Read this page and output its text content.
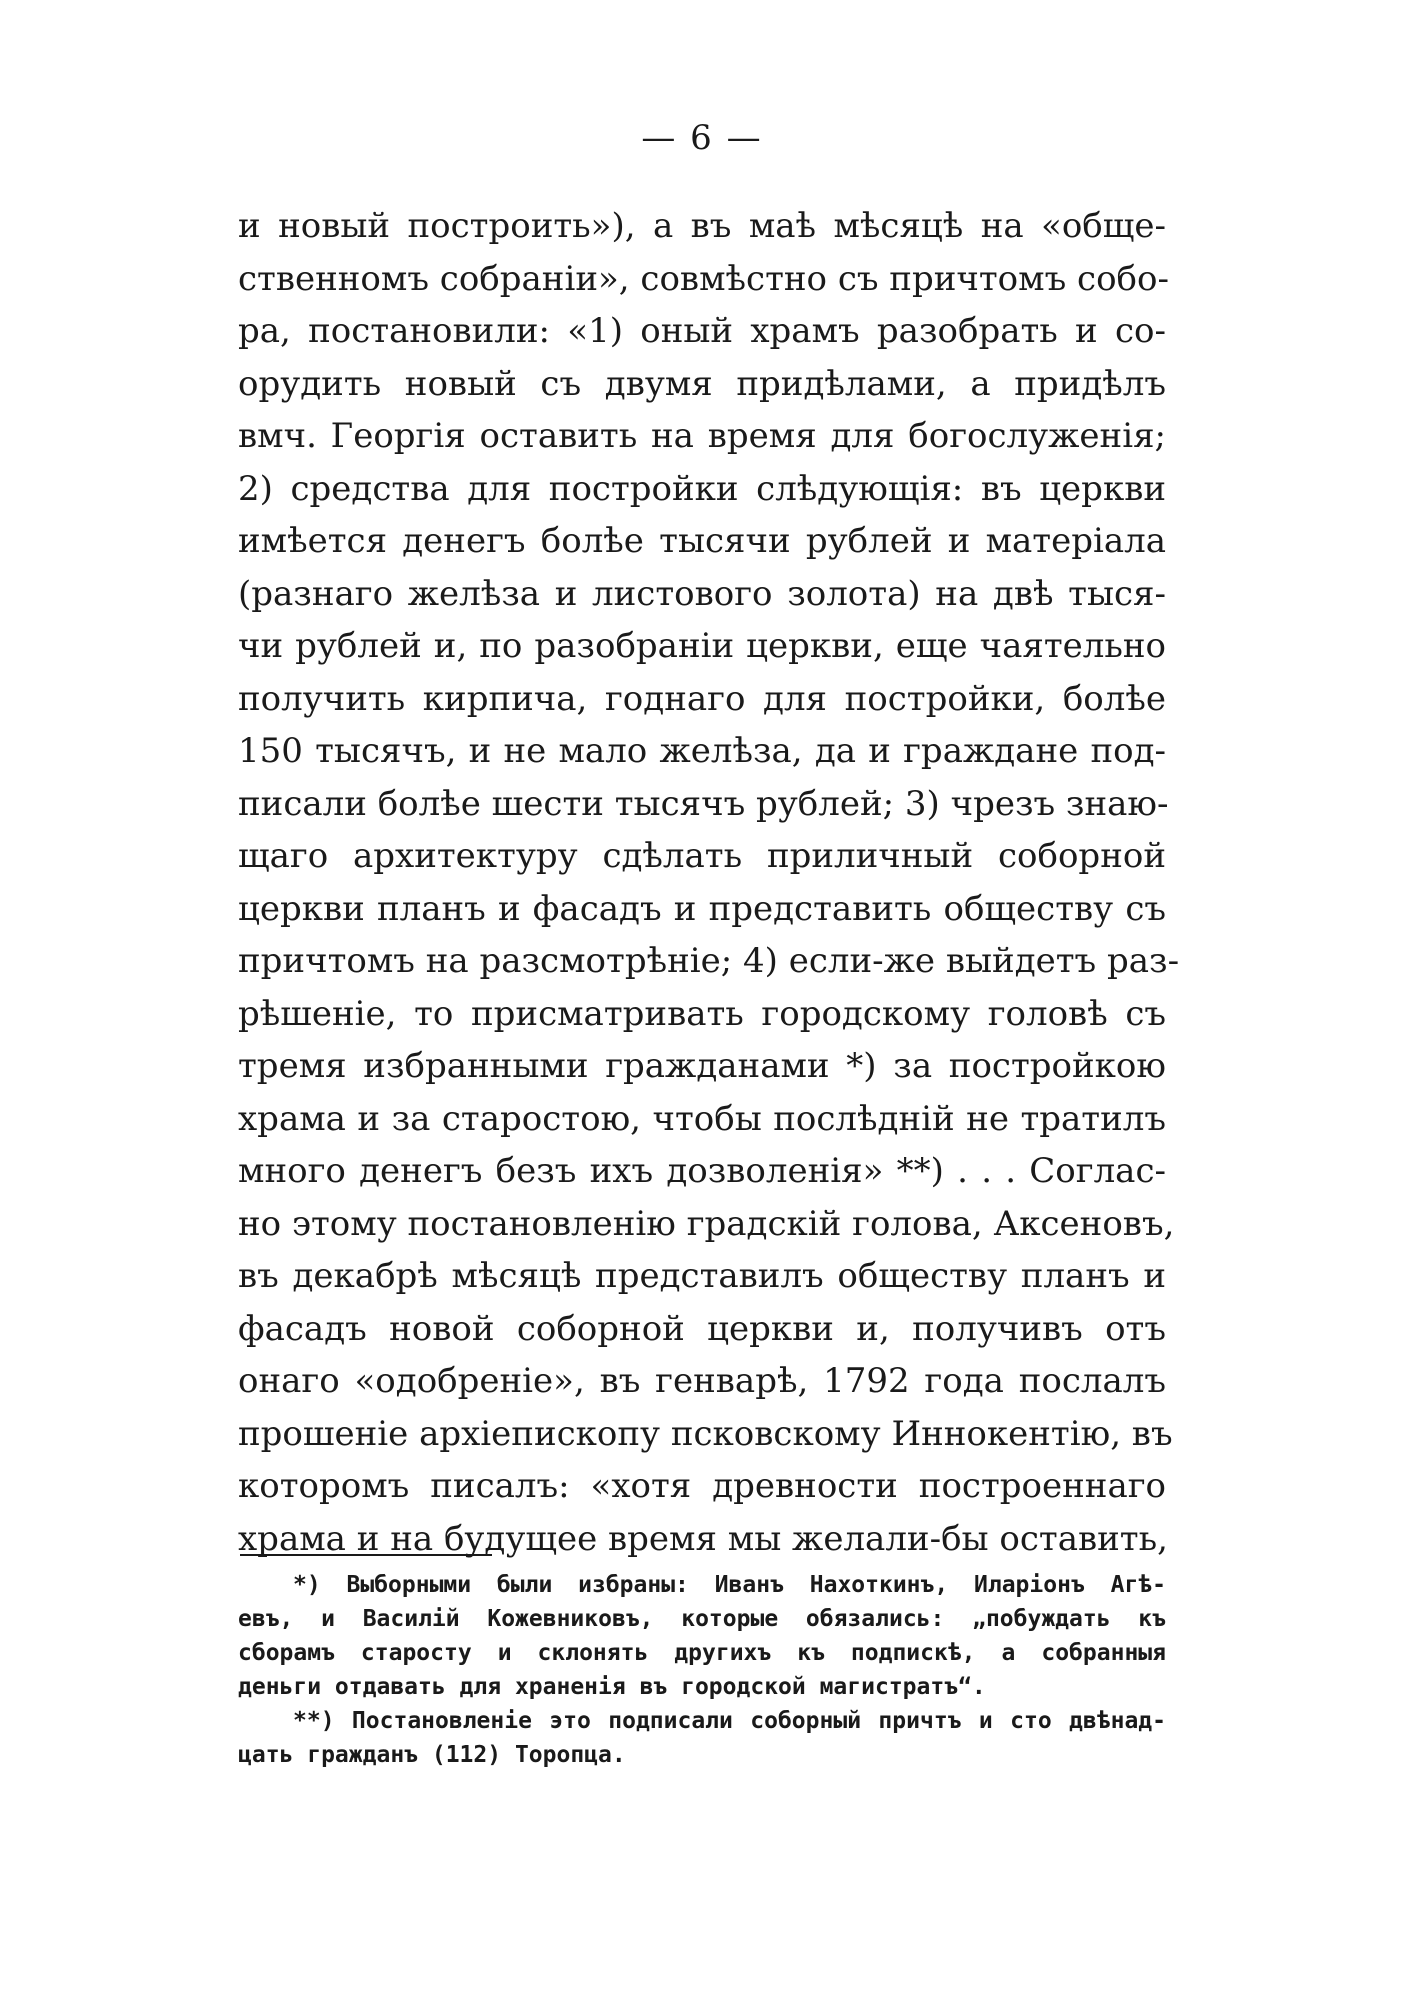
— 6 —
и новый построить»), а въ маѣ мѣсяцѣ на «обще-
ственномъ собраніи», совмѣстно съ причтомъ собо-
ра, постановили: «1) оный храмъ разобрать и со-
орудить новый съ двумя придѣлами, а придѣлъ
вмч. Георгія оставить на время для богослуженія;
2) средства для постройки слѣдующія: въ церкви
имѣется денегъ болѣе тысячи рублей и матеріала
(разнаго желѣза и листового золота) на двѣ тыся-
чи рублей и, по разобраніи церкви, еще чаятельно
получить кирпича, годнаго для постройки, болѣе
150 тысячъ, и не мало желѣза, да и граждане под-
писали болѣе шести тысячъ рублей; 3) чрезъ знаю-
щаго архитектуру сдѣлать приличный соборной
церкви планъ и фасадъ и представить обществу съ
причтомъ на разсмотрѣніе; 4) если-же выйдетъ раз-
рѣшеніе, то присматривать городскому головѣ съ
тремя избранными гражданами *) за постройкою
храма и за старостою, чтобы послѣдній не тратилъ
много денегъ безъ ихъ дозволенія» **) . . . Соглас-
но этому постановленію градскій голова, Аксеновъ,
въ декабрѣ мѣсяцѣ представилъ обществу планъ и
фасадъ новой соборной церкви и, получивъ отъ
онаго «одобреніе», въ генварѣ, 1792 года послалъ
прошеніе архіепископу псковскому Иннокентію, въ
которомъ писалъ: «хотя древности построеннаго
храма и на будущее время мы желали-бы оставить,
*) Выборными были избраны: Иванъ Нахоткинъ, Иларіонъ Агѣ-
евъ, и Василій Кожевниковъ, которые обязались: „побуждать къ
сборамъ старосту и склонять другихъ къ подпискѣ, а собранныя
деньги отдавать для храненія въ городской магистратъ“.
**) Постановленіе это подписали соборный причтъ и сто двѣнад-
цать гражданъ (112) Торопца.
